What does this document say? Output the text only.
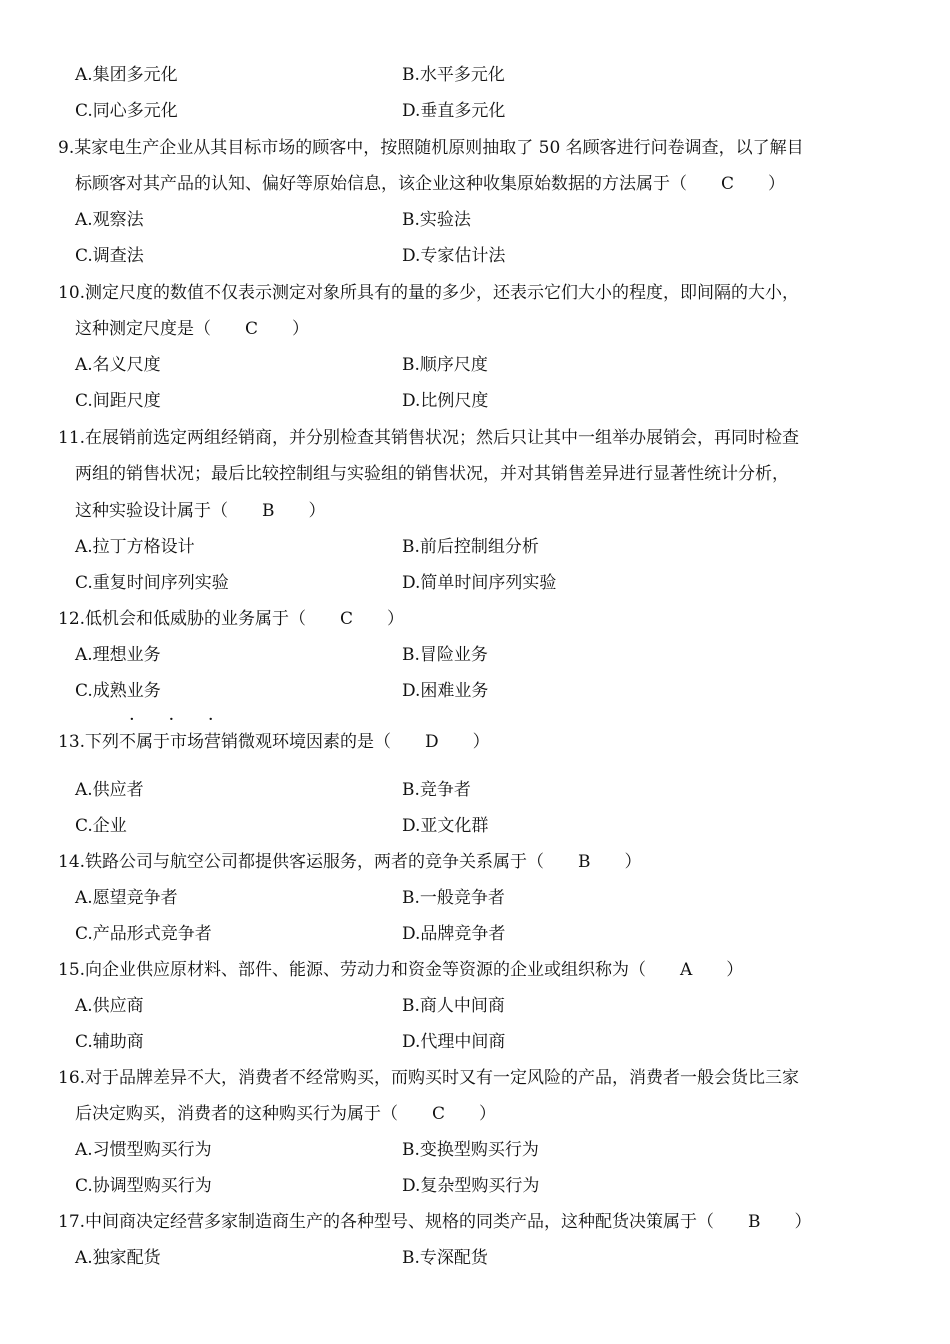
A.集团多元化	B.水平多元化
C.同心多元化	D.垂直多元化
9.某家电生产企业从其目标市场的顾客中，按照随机原则抽取了 50 名顾客进行问卷调查，以了解目
标顾客对其产品的认知、偏好等原始信息，该企业这种收集原始数据的方法属于（　　C　　）
A.观察法	B.实验法
C.调查法	D.专家估计法
10.测定尺度的数值不仅表示测定对象所具有的量的多少，还表示它们大小的程度，即间隔的大小，
这种测定尺度是（　　C　　）
A.名义尺度	B.顺序尺度
C.间距尺度	D.比例尺度
11.在展销前选定两组经销商，并分别检查其销售状况；然后只让其中一组举办展销会，再同时检查
两组的销售状况；最后比较控制组与实验组的销售状况，并对其销售差异进行显著性统计分析，
这种实验设计属于（　　B　　）
A.拉丁方格设计	B.前后控制组分析
C.重复时间序列实验	D.简单时间序列实验
12.低机会和低威胁的业务属于（　　C　　）
A.理想业务	B.冒险业务
C.成熟业务	D.困难业务
· · ·
13.下列不属于市场营销微观环境因素的是（　　D　　）
A.供应者	B.竞争者
C.企业	D.亚文化群
14.铁路公司与航空公司都提供客运服务，两者的竞争关系属于（　　B　　）
A.愿望竞争者	B.一般竞争者
C.产品形式竞争者	D.品牌竞争者
15.向企业供应原材料、部件、能源、劳动力和资金等资源的企业或组织称为（　　A　　）
A.供应商	B.商人中间商
C.辅助商	D.代理中间商
16.对于品牌差异不大，消费者不经常购买，而购买时又有一定风险的产品，消费者一般会货比三家
后决定购买，消费者的这种购买行为属于（　　C　　）
A.习惯型购买行为	B.变换型购买行为
C.协调型购买行为	D.复杂型购买行为
17.中间商决定经营多家制造商生产的各种型号、规格的同类产品，这种配货决策属于（　　B　　）
A.独家配货	B.专深配货
